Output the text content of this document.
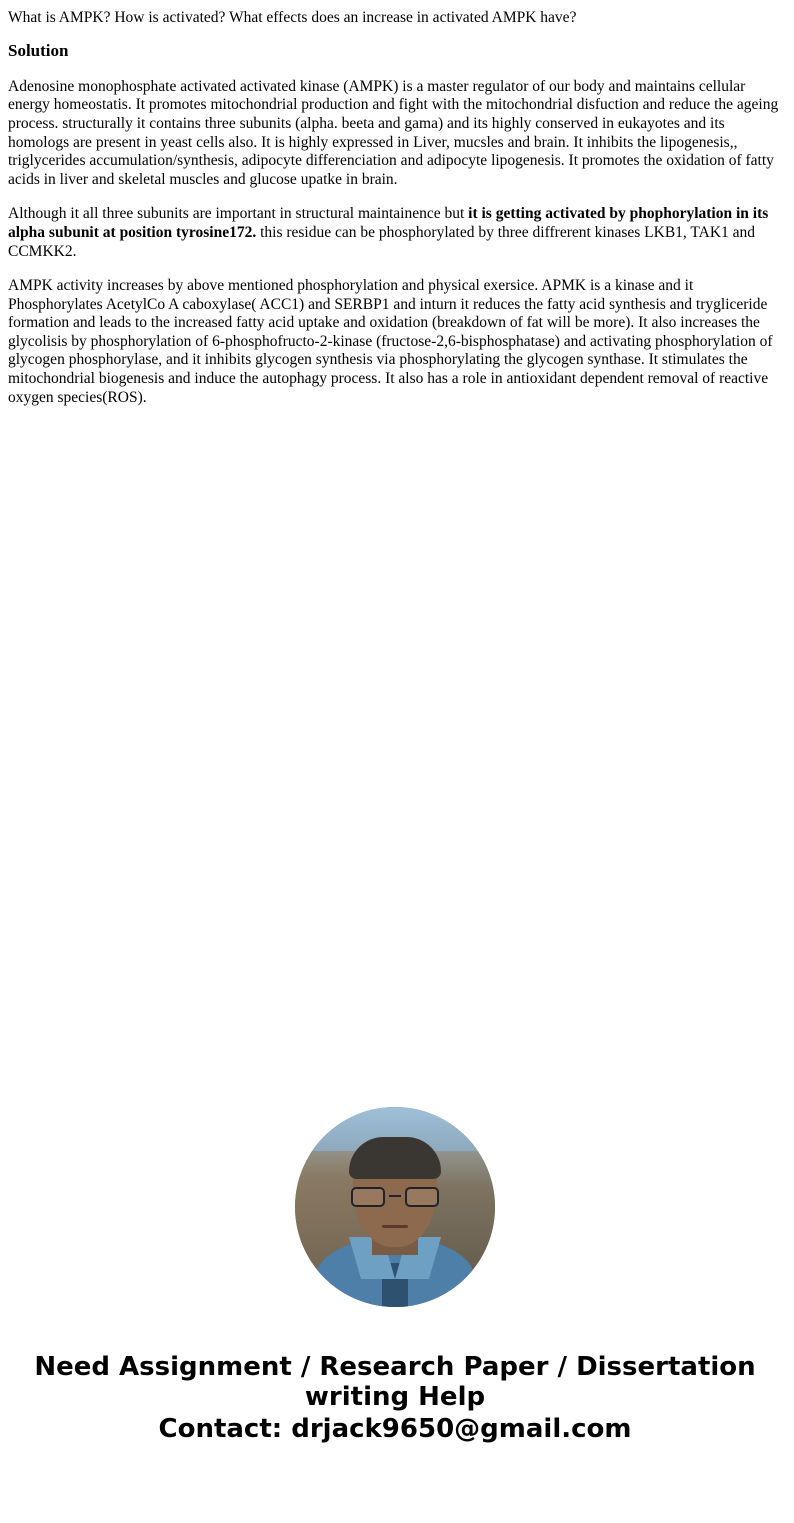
What is AMPK? How is activated? What effects does an increase in activated AMPK have?

Solution

Adenosine monophosphate activated activated kinase (AMPK) is a master regulator of our body and maintains cellular energy homeostatis. It promotes mitochondrial production and fight with the mitochondrial disfuction and reduce the ageing process. structurally it contains three subunits (alpha. beeta and gama) and its highly conserved in eukayotes and its homologs are present in yeast cells also. It is highly expressed in Liver, mucsles and brain. It inhibits the lipogenesis,, triglycerides accumulation/synthesis, adipocyte differenciation and adipocyte lipogenesis. It promotes the oxidation of fatty acids in liver and skeletal muscles and glucose upatke in brain.

Although it all three subunits are important in structural maintainence but it is getting activated by phophorylation in its alpha subunit at position tyrosine172. this residue can be phosphorylated by three diffrerent kinases LKB1, TAK1 and CCMKK2.

AMPK activity increases by above mentioned phosphorylation and physical exersice. APMK is a kinase and it Phosphorylates AcetylCo A caboxylase( ACC1) and SERBP1 and inturn it reduces the fatty acid synthesis and trygliceride formation and leads to the increased fatty acid uptake and oxidation (breakdown of fat will be more). It also increases the glycolisis by phosphorylation of 6-phosphofructo-2-kinase (fructose-2,6-bisphosphatase) and activating phosphorylation of glycogen phosphorylase, and it inhibits glycogen synthesis via phosphorylating the glycogen synthase. It stimulates the mitochondrial biogenesis and induce the autophagy process. It also has a role in antioxidant dependent removal of reactive oxygen species(ROS).

Need Assignment / Research Paper / Dissertation
writing Help
Contact: drjack9650@gmail.com
